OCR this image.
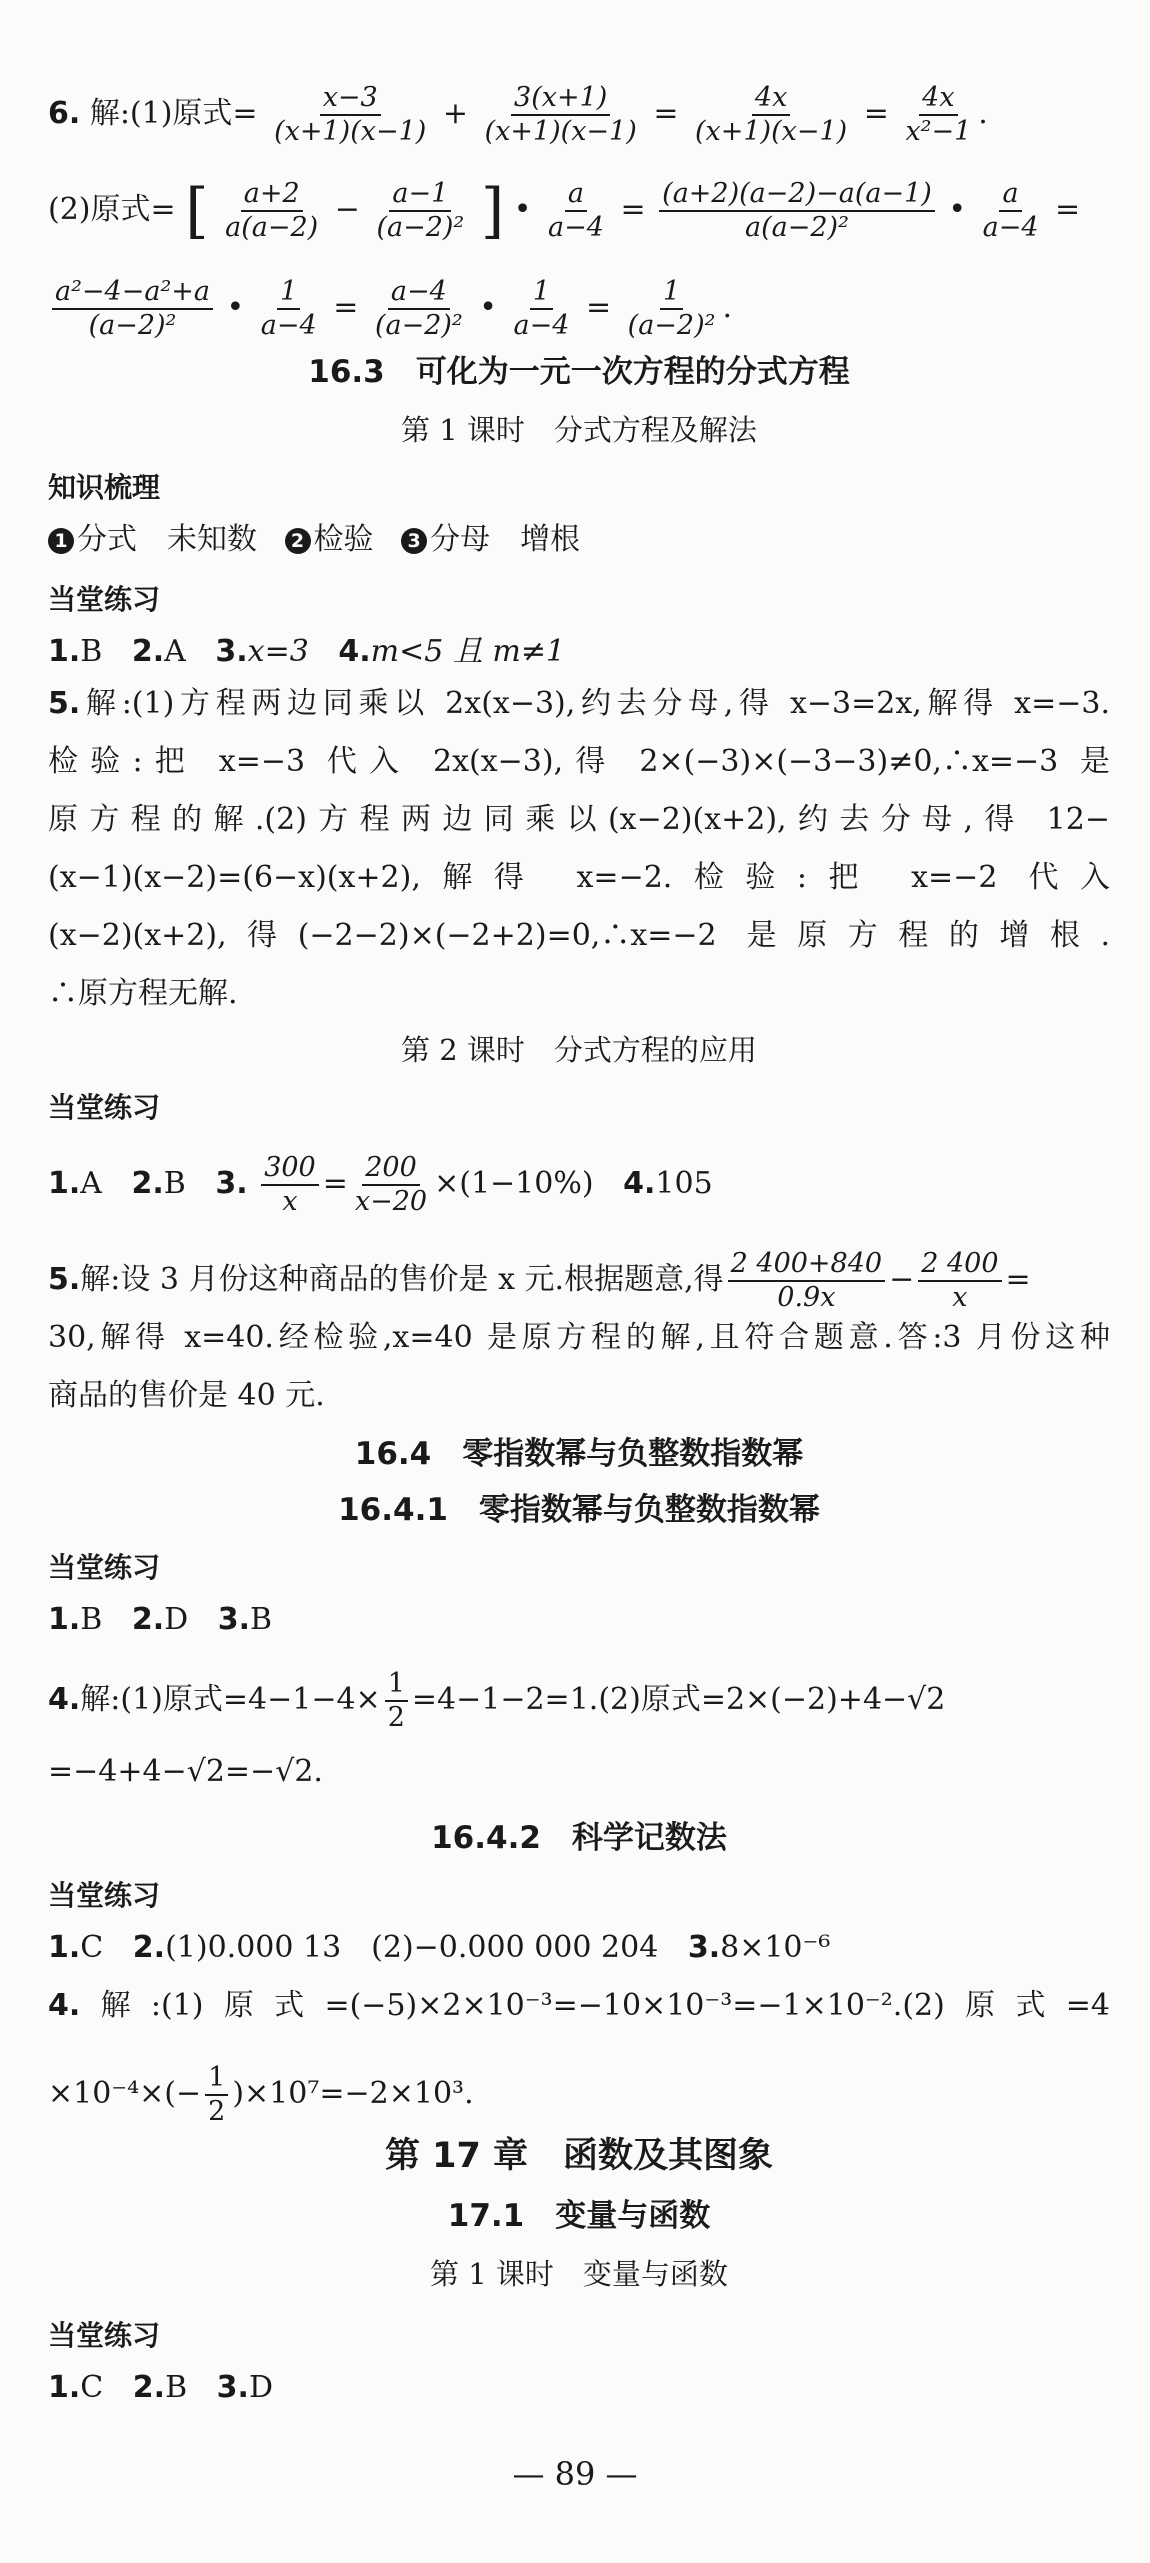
6. 解:(1)原式= $\frac{x-3}{(x+1)(x-1)} + \frac{3(x+1)}{(x+1)(x-1)} = \frac{4x}{(x+1)(x-1)} = \frac{4x}{\text{x²−1}}$ .
(2)原式= [ $\frac{a+2}{a(a-2)} - \frac{a-1}{\text{(a−2)²}}$ ] • $\frac{a}{a-4} = \frac{(a+2)(a-2)-a(a-1)}{\text{a(a−2)²}}$ • $\frac{a}{a-4}$ =
$\frac{\text{a²−4−a²+a}}{\text{(a−2)²}}$ • $\frac{1}{a-4} = \frac{a-4}{\text{(a−2)²}}$ • $\frac{1}{a-4} = \frac{1}{\text{(a−2)²}}$ .
16.3　可化为一元一次方程的分式方程
第 1 课时　分式方程及解法
知识梳理
1 分式　未知数 2 检验 3 分母　增根
当堂练习
1.B 2.A 3.x=3 4.m<5 且 m≠1
5.解:(1)方程两边同乘以 2x(x−3),约去分母,得 x−3=2x,解得 x=−3.
检验:把 x=−3 代入 2x(x−3),得 2×(−3)×(−3−3)≠0,∴x=−3 是
原方程的解.(2)方程两边同乘以(x−2)(x+2),约去分母,得 12−
(x−1)(x−2)=(6−x)(x+2),解得 x=−2.检验:把 x=−2 代入
(x−2)(x+2),得(−2−2)×(−2+2)=0,∴x=−2 是原方程的增根.
∴原方程无解.
第 2 课时　分式方程的应用
当堂练习
1.A 2.B 3. $\frac{300}{x} = \frac{200}{x-20} \times(1-10\%)$ 4.105
5.解:设 3 月份这种商品的售价是 x 元.根据题意,得 $\frac{2 400+840}{0.9x} - \frac{2 400}{x}$ =
30,解得 x=40.经检验,x=40 是原方程的解,且符合题意.答:3 月份这种
商品的售价是 40 元.
16.4　零指数幂与负整数指数幂
16.4.1　零指数幂与负整数指数幂
当堂练习
1.B 2.D 3.B
4.解:(1)原式$=4-1-4\times \frac{1}{2} =4-1-2=1.(2)$原式=2×(−2)+4−√2
=−4+4−√2=−√2.
16.4.2　科学记数法
当堂练习
1.C 2.(1)0.000 13　(2)−0.000 000 204 3.8×10⁻⁶
4.解:(1)原式=(−5)×2×10⁻³=−10×10⁻³=−1×10⁻².(2)原式=4
$\times 10^{-4}\times(- \frac{1}{2} )\times 10^7=-2\times 10^3$.
第 17 章　函数及其图象
17.1　变量与函数
第 1 课时　变量与函数
当堂练习
1.C 2.B 3.D
— 89 —
